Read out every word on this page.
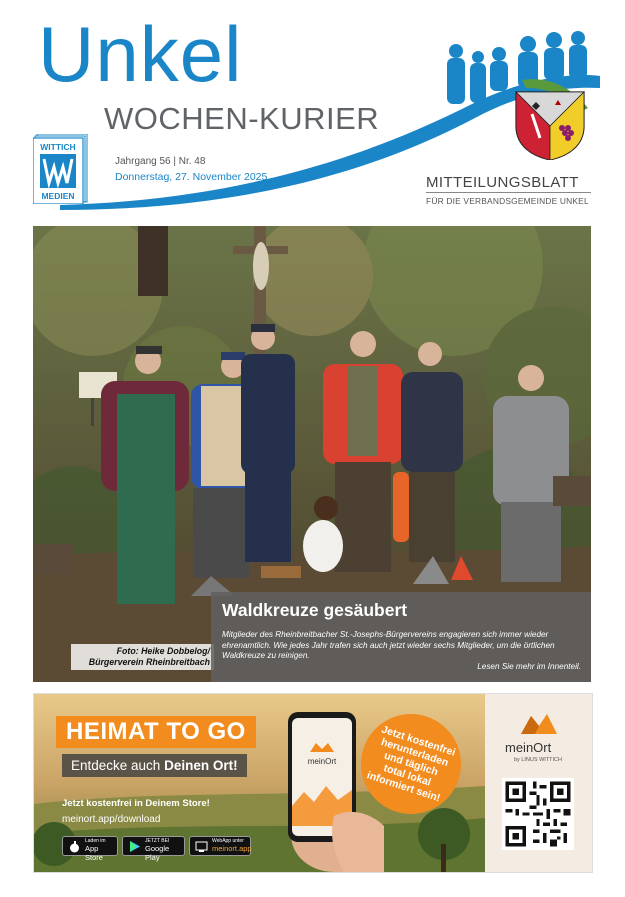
Unkel
WOCHEN-KURIER
Jahrgang 56 | Nr. 48
Donnerstag, 27. November 2025
WITTICH
MEDIEN
MITTEILUNGSBLATT
FÜR DIE VERBANDSGEMEINDE UNKEL
Foto: Heike Dobbelog/
Bürgerverein Rheinbreitbach
Waldkreuze gesäubert
Mitglieder des Rheinbreitbacher St.-Josephs-Bürgervereins engagieren sich immer wieder ehrenamtlich. Wie jedes Jahr trafen sich auch jetzt wieder sechs Mitglieder, um die örtlichen Waldkreuze zu reinigen.
Lesen Sie mehr im Innenteil.
HEIMAT TO GO
Entdecke auch Deinen Ort!
Jetzt kostenfrei in Deinem Store!
meinort.app/download
Laden im
App Store
JETZT BEI
Google Play
WebApp unter
meinort.app
meinOrt
Jetzt kostenfrei herunterladen und täglich total lokal informiert sein!
meinOrt
by LINUS WITTICH
